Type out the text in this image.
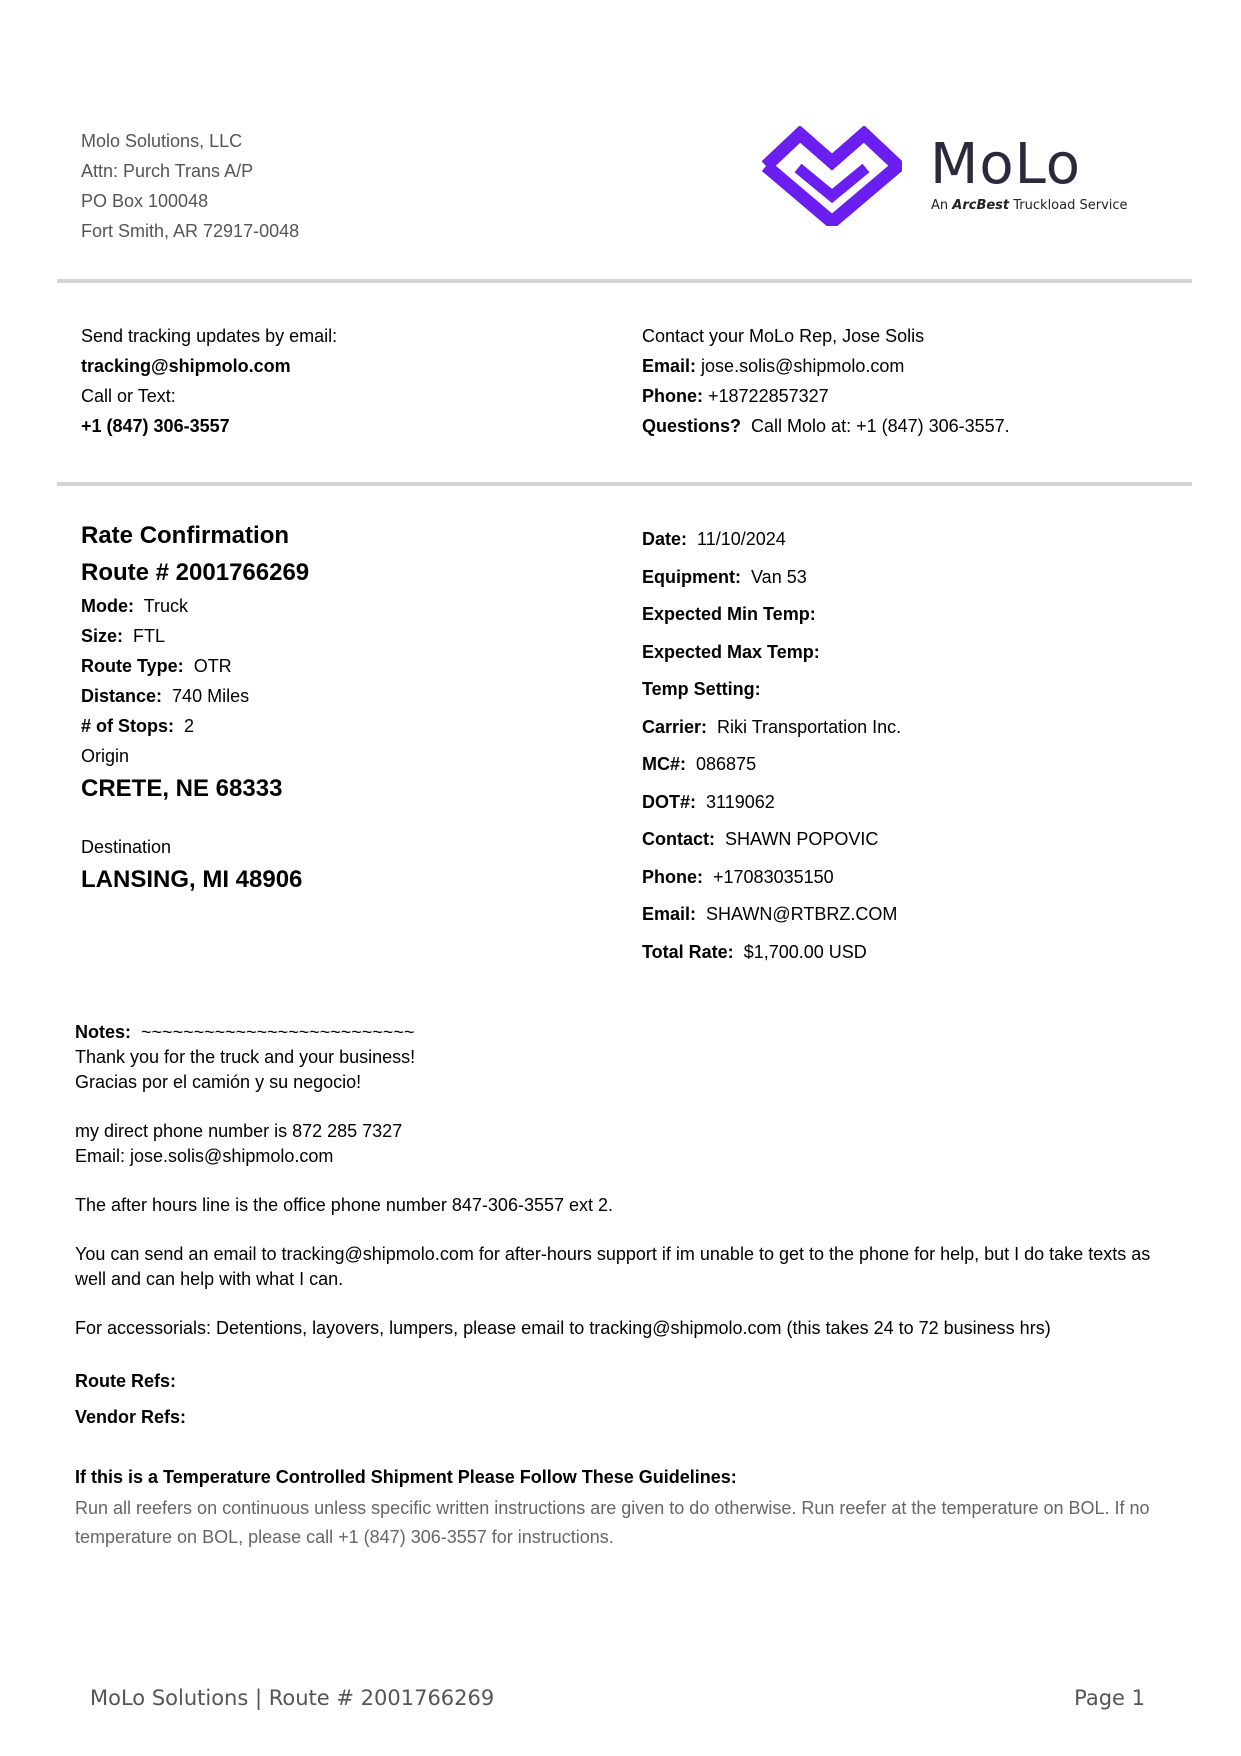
Molo Solutions, LLC
Attn: Purch Trans A/P
PO Box 100048
Fort Smith, AR 72917-0048
MoLo
An ArcBest Truckload Service
Send tracking updates by email:
tracking@shipmolo.com
Call or Text:
+1 (847) 306-3557
Contact your MoLo Rep, Jose Solis
Email: jose.solis@shipmolo.com
Phone: +18722857327
Questions? Call Molo at: +1 (847) 306-3557.
Rate Confirmation
Route # 2001766269
Mode: Truck
Size: FTL
Route Type: OTR
Distance: 740 Miles
# of Stops: 2
Origin
CRETE, NE 68333
Destination
LANSING, MI 48906
Date: 11/10/2024
Equipment: Van 53
Expected Min Temp:
Expected Max Temp:
Temp Setting:
Carrier: Riki Transportation Inc.
MC#: 086875
DOT#: 3119062
Contact: SHAWN POPOVIC
Phone: +17083035150
Email: SHAWN@RTBRZ.COM
Total Rate: $1,700.00 USD

Notes: ~~~~~~~~~~~~~~~~~~~~~~~~~~

Thank you for the truck and your business!

Gracias por el camión y su negocio!

my direct phone number is 872 285 7327

Email: jose.solis@shipmolo.com

The after hours line is the office phone number 847-306-3557 ext 2.

You can send an email to tracking@shipmolo.com for after-hours support if im unable to get to the phone for help, but I do take texts as well and can help with what I can.

For accessorials: Detentions, layovers, lumpers, please email to tracking@shipmolo.com (this takes 24 to 72 business hrs)

Route Refs:
Vendor Refs:
If this is a Temperature Controlled Shipment Please Follow These Guidelines:
Run all reefers on continuous unless specific written instructions are given to do otherwise. Run reefer at the temperature on BOL. If no temperature on BOL, please call +1 (847) 306-3557 for instructions.
MoLo Solutions | Route # 2001766269	Page 1
